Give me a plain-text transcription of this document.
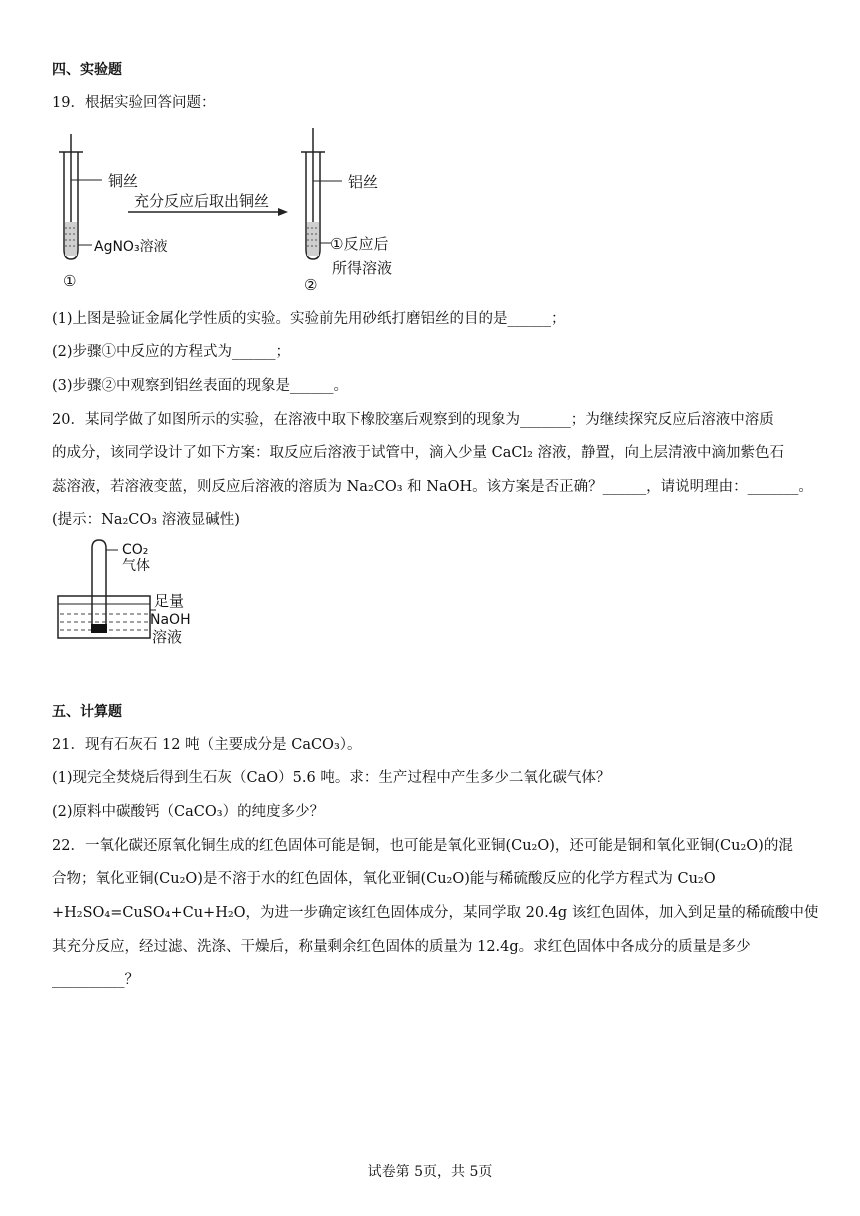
四、实验题
19．根据实验回答问题：
铜丝
AgNO₃溶液
①
充分反应后取出铜丝
铝丝
①反应后
所得溶液
②
(1)上图是验证金属化学性质的实验。实验前先用砂纸打磨铝丝的目的是______；
(2)步骤①中反应的方程式为______；
(3)步骤②中观察到铝丝表面的现象是______。
20．某同学做了如图所示的实验，在溶液中取下橡胶塞后观察到的现象为_______；为继续探究反应后溶液中溶质
的成分，该同学设计了如下方案：取反应后溶液于试管中，滴入少量 CaCl₂ 溶液，静置，向上层清液中滴加紫色石
蕊溶液，若溶液变蓝，则反应后溶液的溶质为 Na₂CO₃ 和 NaOH。该方案是否正确？______，请说明理由：_______。
(提示：Na₂CO₃ 溶液显碱性)
CO₂
气体
足量
NaOH
溶液
五、计算题
21．现有石灰石 12 吨（主要成分是 CaCO₃）。
(1)现完全焚烧后得到生石灰（CaO）5.6 吨。求：生产过程中产生多少二氧化碳气体？
(2)原料中碳酸钙（CaCO₃）的纯度多少？
22．一氧化碳还原氧化铜生成的红色固体可能是铜，也可能是氧化亚铜(Cu₂O)，还可能是铜和氧化亚铜(Cu₂O)的混
合物；氧化亚铜(Cu₂O)是不溶于水的红色固体，氧化亚铜(Cu₂O)能与稀硫酸反应的化学方程式为 Cu₂O
+H₂SO₄=CuSO₄+Cu+H₂O，为进一步确定该红色固体成分，某同学取 20.4g 该红色固体，加入到足量的稀硫酸中使
其充分反应，经过滤、洗涤、干燥后，称量剩余红色固体的质量为 12.4g。求红色固体中各成分的质量是多少
__________？
试卷第 5页，共 5页
